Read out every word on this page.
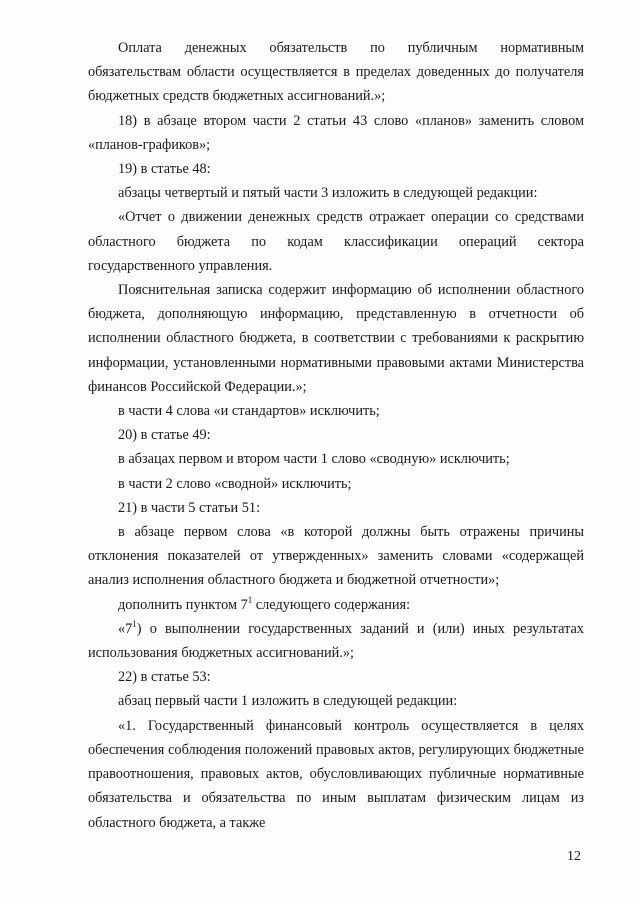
Оплата денежных обязательств по публичным нормативным обязательствам области осуществляется в пределах доведенных до получателя бюджетных средств бюджетных ассигнований.»;

18) в абзаце втором части 2 статьи 43 слово «планов» заменить словом «планов-графиков»;

19) в статье 48:

абзацы четвертый и пятый части 3 изложить в следующей редакции:

«Отчет о движении денежных средств отражает операции со средствами областного бюджета по кодам классификации операций сектора государственного управления.

Пояснительная записка содержит информацию об исполнении областного бюджета, дополняющую информацию, представленную в отчетности об исполнении областного бюджета, в соответствии с требованиями к раскрытию информации, установленными нормативными правовыми актами Министерства финансов Российской Федерации.»;

в части 4 слова «и стандартов» исключить;

20) в статье 49:

в абзацах первом и втором части 1 слово «сводную» исключить;

в части 2 слово «сводной» исключить;

21) в части 5 статьи 51:

в абзаце первом слова «в которой должны быть отражены причины отклонения показателей от утвержденных» заменить словами «содержащей анализ исполнения областного бюджета и бюджетной отчетности»;

дополнить пунктом $7^1$ следующего содержания:

«$7^1$) о выполнении государственных заданий и (или) иных результатах использования бюджетных ассигнований.»;

22) в статье 53:

абзац первый части 1 изложить в следующей редакции:

«1. Государственный финансовый контроль осуществляется в целях обеспечения соблюдения положений правовых актов, регулирующих бюджетные правоотношения, правовых актов, обусловливающих публичные нормативные обязательства и обязательства по иным выплатам физическим лицам из областного бюджета, а также

12
